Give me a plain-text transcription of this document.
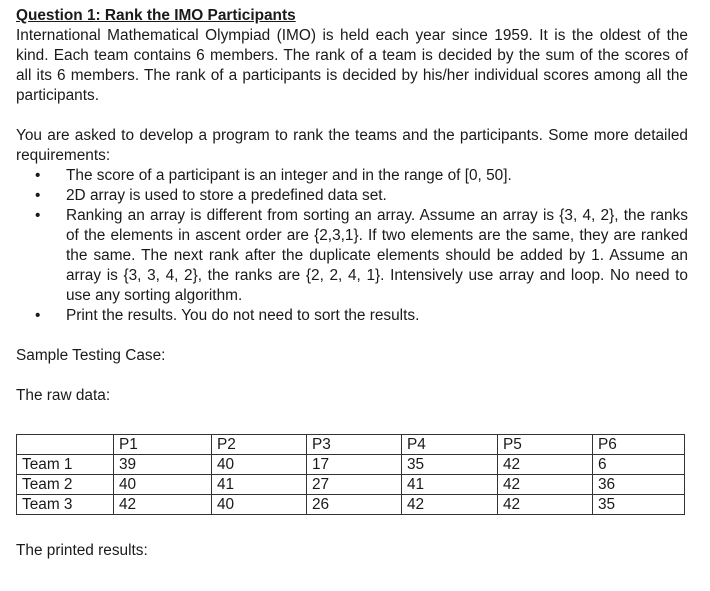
Question 1: Rank the IMO Participants

International Mathematical Olympiad (IMO) is held each year since 1959. It is the oldest of the kind. Each team contains 6 members. The rank of a team is decided by the sum of the scores of all its 6 members. The rank of a participants is decided by his/her individual scores among all the participants.

You are asked to develop a program to rank the teams and the participants. Some more detailed requirements:

• The score of a participant is an integer and in the range of [0, 50].
• 2D array is used to store a predefined data set.
• Ranking an array is different from sorting an array. Assume an array is {3, 4, 2}, the ranks of the elements in ascent order are {2,3,1}. If two elements are the same, they are ranked the same. The next rank after the duplicate elements should be added by 1. Assume an array is {3, 3, 4, 2}, the ranks are {2, 2, 4, 1}. Intensively use array and loop. No need to use any sorting algorithm.
• Print the results. You do not need to sort the results.

Sample Testing Case:

The raw data:

	P1	P2	P3	P4	P5	P6
Team 1	39	40	17	35	42	6
Team 2	40	41	27	41	42	36
Team 3	42	40	26	42	42	35

The printed results:
